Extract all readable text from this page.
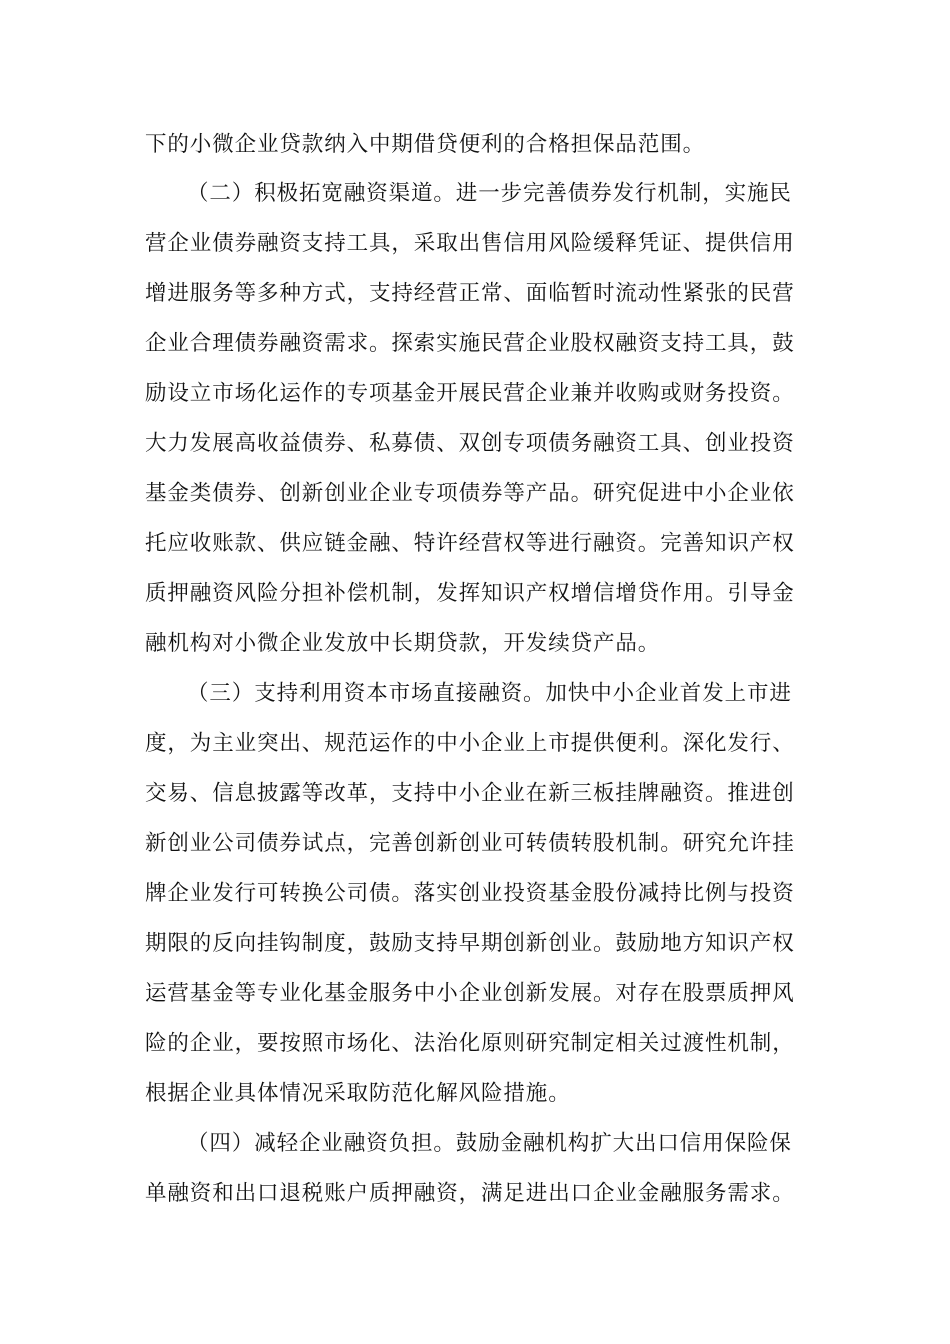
下的小微企业贷款纳入中期借贷便利的合格担保品范围。
（二）积极拓宽融资渠道。进一步完善债券发行机制，实施民
营企业债券融资支持工具，采取出售信用风险缓释凭证、提供信用
增进服务等多种方式，支持经营正常、面临暂时流动性紧张的民营
企业合理债券融资需求。探索实施民营企业股权融资支持工具，鼓
励设立市场化运作的专项基金开展民营企业兼并收购或财务投资。
大力发展高收益债券、私募债、双创专项债务融资工具、创业投资
基金类债券、创新创业企业专项债券等产品。研究促进中小企业依
托应收账款、供应链金融、特许经营权等进行融资。完善知识产权
质押融资风险分担补偿机制，发挥知识产权增信增贷作用。引导金
融机构对小微企业发放中长期贷款，开发续贷产品。
（三）支持利用资本市场直接融资。加快中小企业首发上市进
度，为主业突出、规范运作的中小企业上市提供便利。深化发行、
交易、信息披露等改革，支持中小企业在新三板挂牌融资。推进创
新创业公司债券试点，完善创新创业可转债转股机制。研究允许挂
牌企业发行可转换公司债。落实创业投资基金股份减持比例与投资
期限的反向挂钩制度，鼓励支持早期创新创业。鼓励地方知识产权
运营基金等专业化基金服务中小企业创新发展。对存在股票质押风
险的企业，要按照市场化、法治化原则研究制定相关过渡性机制，
根据企业具体情况采取防范化解风险措施。
（四）减轻企业融资负担。鼓励金融机构扩大出口信用保险保
单融资和出口退税账户质押融资，满足进出口企业金融服务需求。
